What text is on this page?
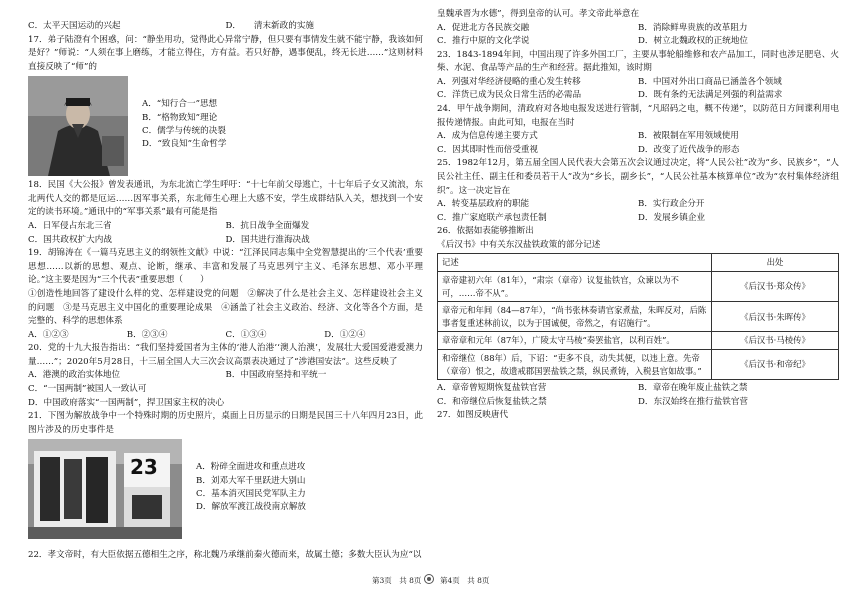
C．太平天国运动的兴起	D．　　清末新政的实施

17．弟子陆澄有个困惑，问：“静坐用功，觉得此心异常宁静，但只要有事情发生就不能宁静，我该如何是好？”师说：“人须在事上磨练，才能立得住，方有益。若只好静，遇事便乱，终无长进……”这则材料直接反映了“师”的

A．“知行合一”思想
B．“格物致知”理论
C．儒学与传统的决裂
D．“致良知”生命哲学

18．民国《大公报》曾发表通讯，为东北流亡学生呼吁：“十七年前父母逃亡，十七年后子女又流浪，东北两代人交的都是厄运……因军事关系，东北师生心理上大感不安，学生成群结队入关，想找到一个安定的读书环境。”通讯中的“军事关系”最有可能是指

A．日军侵占东北三省	B．抗日战争全面爆发
C．国共政权扩大内战	D．国共进行淮海决战

19．胡锦涛在《一篇马克思主义的纲领性文献》中说：“江泽民同志集中全党智慧提出的‘三个代表’重要思想……以新的思想、观点、论断，继承、丰富和发展了马克思列宁主义、毛泽东思想、邓小平理论。”这主要是因为“三个代表”重要思想（　　）

①创造性地回答了建设什么样的党、怎样建设党的问题　②解决了什么是社会主义、怎样建设社会主义的问题　③是马克思主义中国化的重要理论成果　④涵盖了社会主义政治、经济、文化等各个方面，是完整的、科学的思想体系

A．①②③	B．②③④	C．①③④	D．①②④

20．党的十九大报告指出：“我们坚持爱国者为主体的‘港人治港’‘澳人治澳’，发展壮大爱国爱港爱澳力量……”；2020年5月28日，十三届全国人大三次会议高票表决通过了“涉港国安法”。这些反映了

A．港澳的政治实体地位	B．中国政府坚持和平统一
C．“一国两制”被国人一致认可
D．中国政府落实“一国两制”，捍卫国家主权的决心

21．下图为解放战争中一个特殊时期的历史照片，桌面上日历显示的日期是民国三十八年四月23日，此图片涉及的历史事件是

23	A．粉碎全面进攻和重点进攻
B．刘邓大军千里跃进大别山
C．基本消灭国民党军队主力
D．解放军渡江战役南京解放

22．孝文帝时，有大臣依据五德相生之序，称北魏乃承继前秦火德而来，故属土德；多数大臣认为应“以

皇魏承晋为水德”，得到皇帝的认可。孝文帝此举意在

A．促进北方各民族交融	B．消除鲜卑贵族的改革阻力
C．推行中原的文化学说	D．树立北魏政权的正统地位

23．1843-1894年间，中国出现了许多外国工厂，主要从事轮船维修和农产品加工，同时也涉足肥皂、火柴、水泥、食品等产品的生产和经营。据此推知，该时期

A．列强对华经济侵略的重心发生转移	B．中国对外出口商品已涵盖各个领域
C．洋货已成为民众日常生活的必需品	D．既有条约无法满足列强的利益需求

24．甲午战争期间，清政府对各地电报发送进行管制，“凡昭码之电，概不传递”，以防范日方间谍利用电报传递情报。由此可知，电报在当时

A．成为信息传递主要方式	B．被限制在军用领域使用
C．因其即时性而倍受重视	D．改变了近代战争的形态

25．1982年12月，第五届全国人民代表大会第五次会议通过决定，将“人民公社”改为“乡、民族乡”，“人民公社主任、副主任和委员若干人”改为“乡长，副乡长”，“人民公社基本核算单位”改为“农村集体经济组织”。这一决定旨在

A．转变基层政府的职能	B．实行政企分开
C．推广家庭联产承包责任制	D．发展乡镇企业

26．依据如表能够推断出

《后汉书》中有关东汉盐铁政策的部分记述

记述	出处
章帝建初六年（81年），“肃宗（章帝）议复盐铁官，众谏以为不可，……帝不从”。	《后汉书·郑众传》
章帝元和年间（84—87年），“尚书张林奏请官家煮盐，朱晖反对，后陈事者复重述林前议，以为于国诚便，帝然之，有诏施行”。	《后汉书·朱晖传》
章帝章和元年（87年），广陵太守马棱“奏罢盐官，以利百姓”。	《后汉书·马棱传》
和帝继位（88年）后，下诏：“吏多不良，动失其便，以违上意。先帝（章帝）恨之，故遗戒郡国罢盐铁之禁，纵民煮铸，入税县官如故事。”	《后汉书·和帝纪》
A．章帝曾短期恢复盐铁官营	B．章帝在晚年废止盐铁之禁
C．和帝继位后恢复盐铁之禁	D．东汉始终在推行盐铁官营

27．如图反映唐代

第3页　共 8页 第4页　共 8页
